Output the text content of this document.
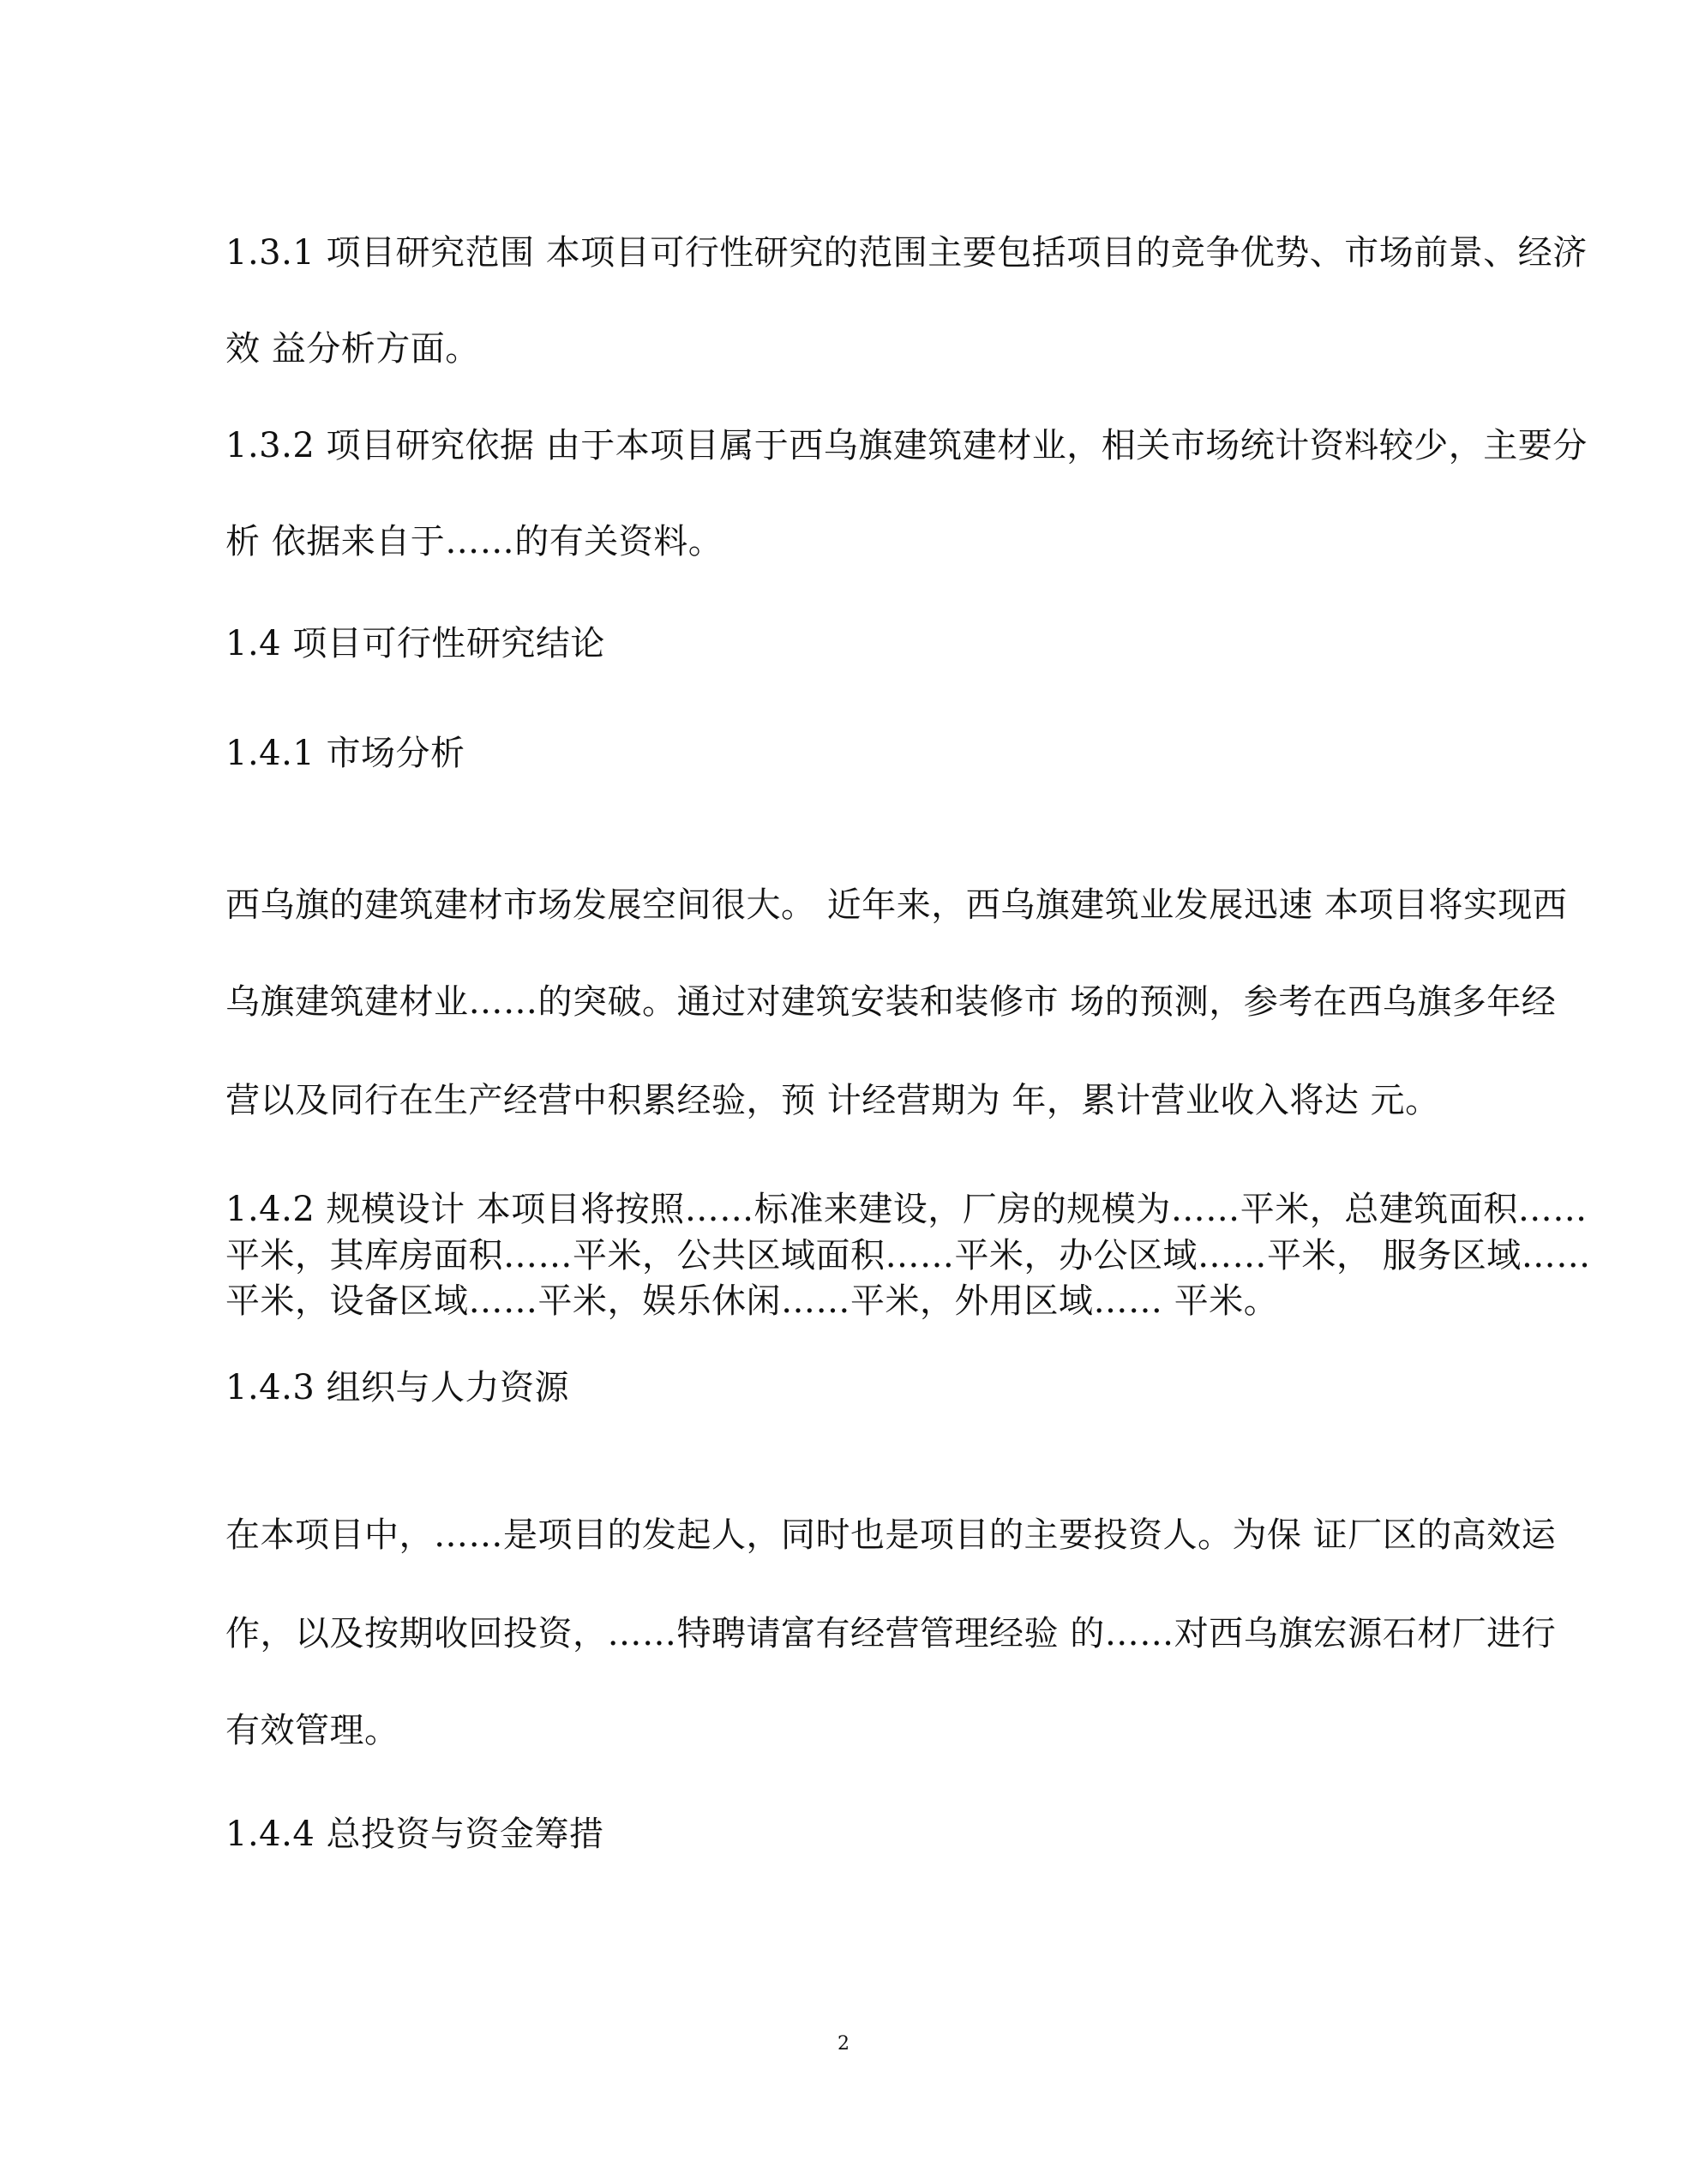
1.3.1 项目研究范围 本项目可行性研究的范围主要包括项目的竞争优势、市场前景、经济
效 益分析方面。
1.3.2 项目研究依据 由于本项目属于西乌旗建筑建材业，相关市场统计资料较少，主要分
析 依据来自于……的有关资料。
1.4 项目可行性研究结论
1.4.1 市场分析
西乌旗的建筑建材市场发展空间很大。 近年来，西乌旗建筑业发展迅速 本项目将实现西
乌旗建筑建材业……的突破。通过对建筑安装和装修市 场的预测，参考在西乌旗多年经
营以及同行在生产经营中积累经验，预 计经营期为 年，累计营业收入将达 元。
1.4.2 规模设计 本项目将按照……标准来建设，厂房的规模为……平米，总建筑面积……
平米，其库房面积……平米，公共区域面积……平米，办公区域……平米， 服务区域……
平米，设备区域……平米，娱乐休闲……平米，外用区域…… 平米。
1.4.3 组织与人力资源
在本项目中，……是项目的发起人，同时也是项目的主要投资人。为保 证厂区的高效运
作，以及按期收回投资，……特聘请富有经营管理经验 的……对西乌旗宏源石材厂进行
有效管理。
1.4.4 总投资与资金筹措
2
